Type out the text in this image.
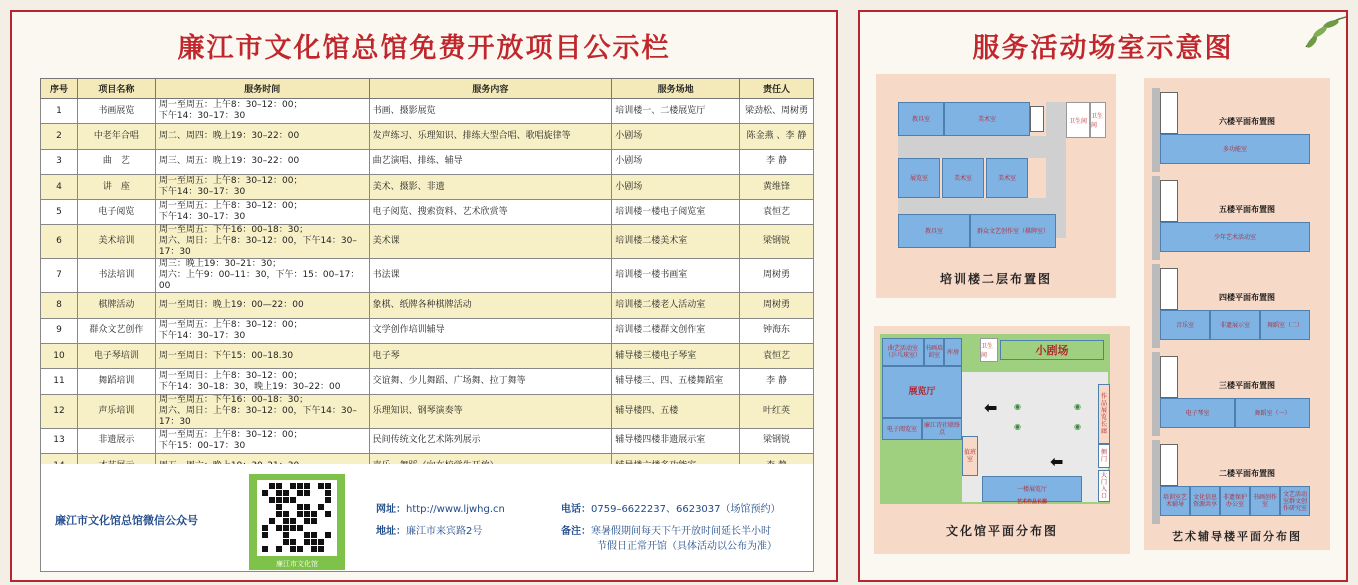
廉江市文化馆总馆免费开放项目公示栏
序号	项目名称	服务时间	服务内容	服务场地	责任人
1	书画展览	周一至周五：上午8：30–12：00；
下午14：30–17：30	书画、摄影展览	培训楼一、二楼展览厅	梁劲松、周树勇
2	中老年合唱	周二、周四：晚上19：30–22：00	发声练习、乐理知识、排练大型合唱、歌唱旋律等	小剧场	陈金燕 、李 静
3	曲　艺	周三、周五：晚上19：30–22：00	曲艺演唱、排练、辅导	小剧场	李 静
4	讲　座	周一至周五：上午8：30–12：00；
下午14：30–17：30	美术、摄影、非遗	小剧场	黄维锋
5	电子阅览	周一至周五：上午8：30–12：00；
下午14：30–17：30	电子阅览、搜索资料、艺术欣赏等	培训楼一楼电子阅览室	袁恒艺
6	美术培训	周一至周五：下午16：00–18：30；
周六、周日：上午8：30–12：00，下午14：30–17：30	美术课	培训楼二楼美术室	梁钢锐
7	书法培训	周三：晚上19：30–21：30；
周六：上午9：00–11：30，下午：15：00–17：00	书法课	培训楼一楼书画室	周树勇
8	棋牌活动	周一至周日：晚上19：00—22：00	象棋、纸牌各种棋牌活动	培训楼二楼老人活动室	周树勇
9	群众文艺创作	周一至周五：上午8：30–12：00；
下午14：30–17：30	文学创作培训辅导	培训楼二楼群文创作室	钟海东
10	电子琴培训	周一至周日：下午15：00–18.30	电子琴	辅导楼三楼电子琴室	袁恒艺
11	舞蹈培训	周一至周日：上午8：30–12：00；
下午14：30–18：30，晚上19：30–22：00	交谊舞、少儿舞蹈、广场舞、拉丁舞等	辅导楼三、四、五楼舞蹈室	李 静
12	声乐培训	周一至周五：下午16：00–18：30；
周六、周日：上午8：30–12：00，下午14：30–17：30	乐理知识、钢琴演奏等	辅导楼四、五楼	叶红英
13	非遗展示	周一至周五：上午8：30–12：00；
下午15：00–17：30	民间传统文化艺术陈列展示	辅导楼四楼非遗展示室	梁钢锐

廉江市文化馆总馆微信公众号
廉江市文化馆
网址：http://www.ljwhg.cn
地址：廉江市来宾路2号
电话：0759–6622237、6623037（场馆预约）
备注：寒暑假期间每天下午开放时间延长半小时
节假日正常开馆（具体活动以公布为准）
服务活动场室示意图
教具室	美术室	卫生间
卫生间
展览室	美术室	美术室
教具室	群众文艺创作室（棋牌室）
培训楼二层布置图
曲艺活动室（乒乓球室）
书画培训室	库房
卫生间	小剧场
展览厅
电子阅览室	廉江诗社联络点
值班室
作品展览长廊
侧门
一楼展览厅
大门入口
艺术作品长廊
⬅
⬅
◉
◉
◉
◉
文化馆平面分布图
六楼平面布置图
多功能室
五楼平面布置图
少年艺术活动室
四楼平面布置图
音乐室	非遗展示室	舞蹈室（二）
三楼平面布置图
电子琴室	舞蹈室（一）
二楼平面布置图
培训室艺术辅导
文化信息资源共享
非遗保护办公室
书画创作室
文艺活动室群文创作研究室
艺术辅导楼平面分布图
